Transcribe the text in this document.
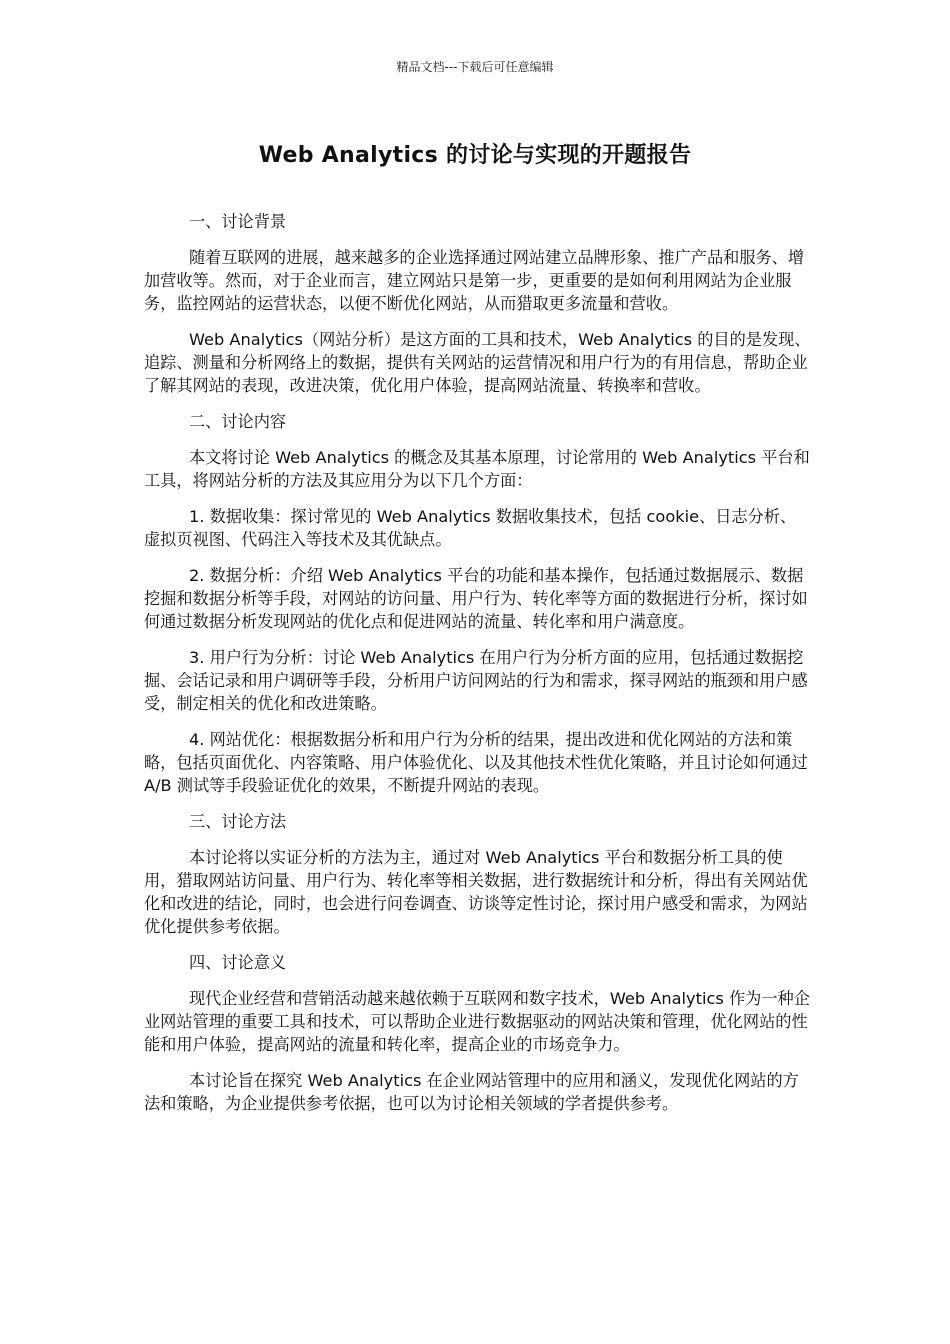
精品文档---下载后可任意编辑
Web Analytics 的讨论与实现的开题报告

一、讨论背景

随着互联网的进展，越来越多的企业选择通过网站建立品牌形象、推广产品和服务、增加营收等。然而，对于企业而言，建立网站只是第一步，更重要的是如何利用网站为企业服务，监控网站的运营状态，以便不断优化网站，从而猎取更多流量和营收。

Web Analytics（网站分析）是这方面的工具和技术，Web Analytics 的目的是发现、追踪、测量和分析网络上的数据，提供有关网站的运营情况和用户行为的有用信息，帮助企业了解其网站的表现，改进决策，优化用户体验，提高网站流量、转换率和营收。

二、讨论内容

本文将讨论 Web Analytics 的概念及其基本原理，讨论常用的 Web Analytics 平台和工具，将网站分析的方法及其应用分为以下几个方面：

1. 数据收集：探讨常见的 Web Analytics 数据收集技术，包括 cookie、日志分析、虚拟页视图、代码注入等技术及其优缺点。

2. 数据分析：介绍 Web Analytics 平台的功能和基本操作，包括通过数据展示、数据挖掘和数据分析等手段，对网站的访问量、用户行为、转化率等方面的数据进行分析，探讨如何通过数据分析发现网站的优化点和促进网站的流量、转化率和用户满意度。

3. 用户行为分析：讨论 Web Analytics 在用户行为分析方面的应用，包括通过数据挖掘、会话记录和用户调研等手段，分析用户访问网站的行为和需求，探寻网站的瓶颈和用户感受，制定相关的优化和改进策略。

4. 网站优化：根据数据分析和用户行为分析的结果，提出改进和优化网站的方法和策略，包括页面优化、内容策略、用户体验优化、以及其他技术性优化策略，并且讨论如何通过 A/B 测试等手段验证优化的效果，不断提升网站的表现。

三、讨论方法

本讨论将以实证分析的方法为主，通过对 Web Analytics 平台和数据分析工具的使用，猎取网站访问量、用户行为、转化率等相关数据，进行数据统计和分析，得出有关网站优化和改进的结论，同时，也会进行问卷调查、访谈等定性讨论，探讨用户感受和需求，为网站优化提供参考依据。

四、讨论意义

现代企业经营和营销活动越来越依赖于互联网和数字技术，Web Analytics 作为一种企业网站管理的重要工具和技术，可以帮助企业进行数据驱动的网站决策和管理，优化网站的性能和用户体验，提高网站的流量和转化率，提高企业的市场竞争力。

本讨论旨在探究 Web Analytics 在企业网站管理中的应用和涵义，发现优化网站的方法和策略，为企业提供参考依据，也可以为讨论相关领域的学者提供参考。
